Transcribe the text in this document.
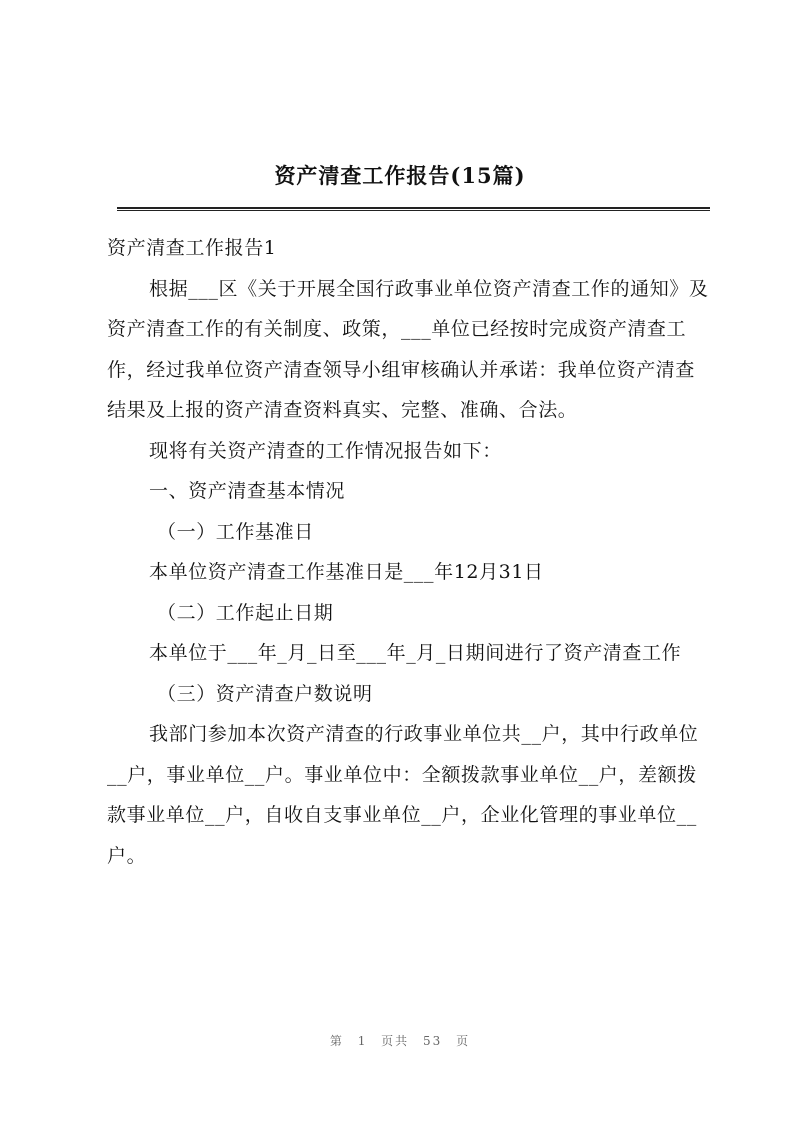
资产清查工作报告(15篇)

资产清查工作报告1

根据___区《关于开展全国行政事业单位资产清查工作的通知》及资产清查工作的有关制度、政策，___单位已经按时完成资产清查工作，经过我单位资产清查领导小组审核确认并承诺：我单位资产清查结果及上报的资产清查资料真实、完整、准确、合法。

现将有关资产清查的工作情况报告如下：

一、资产清查基本情况

（一）工作基准日

本单位资产清查工作基准日是___年12月31日

（二）工作起止日期

本单位于___年_月_日至___年_月_日期间进行了资产清查工作

（三）资产清查户数说明

我部门参加本次资产清查的行政事业单位共__户，其中行政单位__户，事业单位__户。事业单位中：全额拨款事业单位__户，差额拨款事业单位__户，自收自支事业单位__户，企业化管理的事业单位__户。

第 1 页共 53 页
